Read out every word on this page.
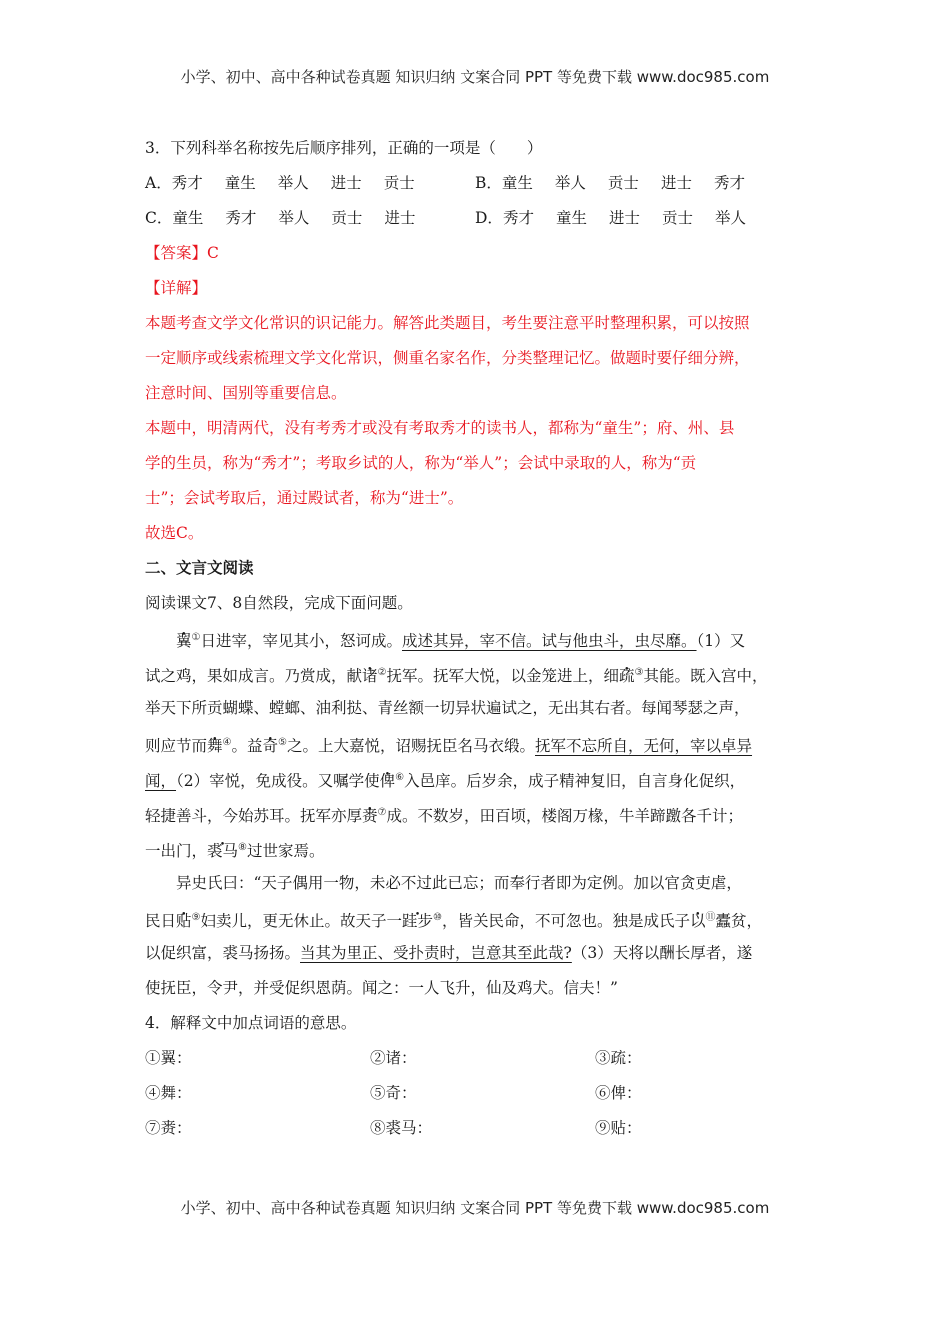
小学、初中、高中各种试卷真题 知识归纳 文案合同 PPT 等免费下载 www.doc985.com
3．下列科举名称按先后顺序排列，正确的一项是（　　）
A．秀才 童生 举人 进士 贡士	B．童生 举人 贡士 进士 秀才
C．童生 秀才 举人 贡士 进士	D．秀才 童生 进士 贡士 举人
【答案】C
【详解】
本题考查文学文化常识的识记能力。解答此类题目，考生要注意平时整理积累，可以按照
一定顺序或线索梳理文学文化常识，侧重名家名作，分类整理记忆。做题时要仔细分辨，
注意时间、国别等重要信息。
本题中，明清两代，没有考秀才或没有考取秀才的读书人，都称为“童生”；府、州、县
学的生员，称为“秀才”；考取乡试的人，称为“举人”；会试中录取的人，称为“贡
士”；会试考取后，通过殿试者，称为“进士”。
故选C。
二、文言文阅读
阅读课文7、8自然段，完成下面问题。
翼①日进宰，宰见其小，怒诃成。成述其异，宰不信。试与他虫斗，虫尽靡。（1）又
试之鸡，果如成言。乃赏成，献诸②抚军。抚军大悦，以金笼进上，细疏③其能。既入宫中，
举天下所贡蝴蝶、螳螂、油利挞、青丝额一切异状遍试之，无出其右者。每闻琴瑟之声，
则应节而舞④。益奇⑤之。上大嘉悦，诏赐抚臣名马衣缎。抚军不忘所自，无何，宰以卓异
闻，（2）宰悦，免成役。又嘱学使俾⑥入邑庠。后岁余，成子精神复旧，自言身化促织，
轻捷善斗，今始苏耳。抚军亦厚赉⑦成。不数岁，田百顷，楼阁万椽，牛羊蹄躈各千计；
一出门，裘马⑧过世家焉。
异史氏曰：“天子偶用一物，未必不过此已忘；而奉行者即为定例。加以官贪吏虐，
民日贴⑨妇卖儿，更无休止。故天子一跬步⑩，皆关民命，不可忽也。独是成氏子以⑪蠹贫，
以促织富，裘马扬扬。当其为里正、受扑责时，岂意其至此哉?（3）天将以酬长厚者，遂
使抚臣，令尹，并受促织恩荫。闻之：一人飞升，仙及鸡犬。信夫！”
4．解释文中加点词语的意思。
①翼：	②诸：	③疏：
④舞：	⑤奇：	⑥俾：
⑦赉：	⑧裘马：	⑨贴：
小学、初中、高中各种试卷真题 知识归纳 文案合同 PPT 等免费下载 www.doc985.com
